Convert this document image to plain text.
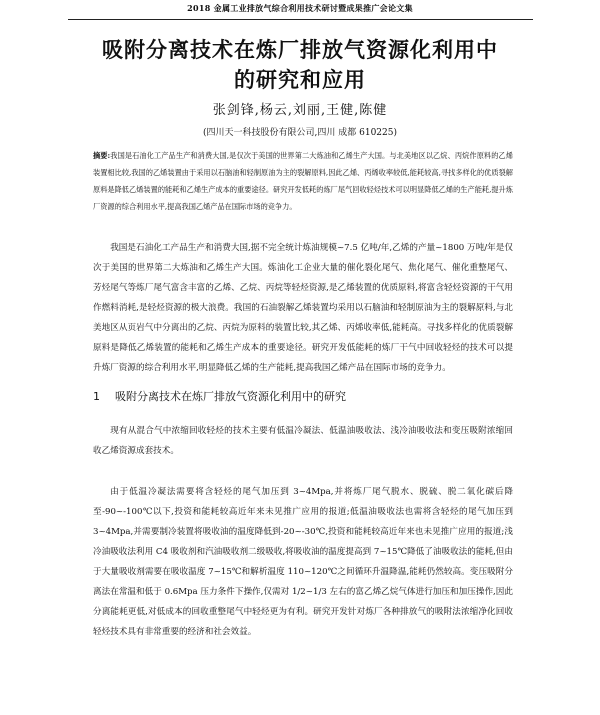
2018 金属工业排放气综合利用技术研讨暨成果推广会论文集
吸附分离技术在炼厂排放气资源化利用中
的研究和应用
张剑锋,杨云,刘丽,王健,陈健
(四川天一科技股份有限公司,四川 成都 610225)

摘要:我国是石油化工产品生产和消费大国,是仅次于美国的世界第二大炼油和乙烯生产大国。与北美地区以乙烷、丙烷作原料的乙烯装置相比较,我国的乙烯装置由于采用以石脑油和轻制原油为主的裂解原料,因此乙烯、丙烯收率较低,能耗较高,寻找多样化的优质裂解原料是降低乙烯装置的能耗和乙烯生产成本的重要途径。研究开发低耗的炼厂尾气回收轻烃技术可以明显降低乙烯的生产能耗,提升炼厂资源的综合利用水平,提高我国乙烯产品在国际市场的竞争力。

我国是石油化工产品生产和消费大国,据不完全统计炼油规模~7.5 亿吨/年,乙烯的产量~1800 万吨/年是仅次于美国的世界第二大炼油和乙烯生产大国。炼油化工企业大量的催化裂化尾气、焦化尾气、催化重整尾气、芳烃尾气等炼厂尾气富含丰富的乙烯、乙烷、丙烷等轻烃资源,是乙烯装置的优质原料,将富含轻烃资源的干气用作燃料消耗,是轻烃资源的极大浪费。我国的石油裂解乙烯装置均采用以石脑油和轻制原油为主的裂解原料,与北美地区从页岩气中分离出的乙烷、丙烷为原料的装置比较,其乙烯、丙烯收率低,能耗高。寻找多样化的优质裂解原料是降低乙烯装置的能耗和乙烯生产成本的重要途径。研究开发低能耗的炼厂干气中回收轻烃的技术可以提升炼厂资源的综合利用水平,明显降低乙烯的生产能耗,提高我国乙烯产品在国际市场的竞争力。

1 吸附分离技术在炼厂排放气资源化利用中的研究

现有从混合气中浓缩回收轻烃的技术主要有低温冷凝法、低温油吸收法、浅冷油吸收法和变压吸附浓缩回收乙烯资源成套技术。

由于低温冷凝法需要将含轻烃的尾气加压到 3~4Mpa,并将炼厂尾气脱水、脱硫、脱二氧化碳后降至-90~-100℃以下,投资和能耗较高近年来未见推广应用的报道;低温油吸收法也需将含轻烃的尾气加压到 3~4Mpa,并需要制冷装置将吸收油的温度降低到-20~-30℃,投资和能耗较高近年来也未见推广应用的报道;浅冷油吸收法利用 C4 吸收剂和汽油吸收剂二级吸收,将吸收油的温度提高到 7~15℃降低了油吸收法的能耗,但由于大量吸收剂需要在吸收温度 7~15℃和解析温度 110~120℃之间循环升温降温,能耗仍然较高。变压吸附分离法在常温和低于 0.6Mpa 压力条件下操作,仅需对 1/2~1/3 左右的富乙烯乙烷气体进行加压和加压操作,因此分离能耗更低,对低成本的回收重整尾气中轻烃更为有利。研究开发针对炼厂各种排放气的吸附法浓缩净化回收轻烃技术具有非常重要的经济和社会效益。
